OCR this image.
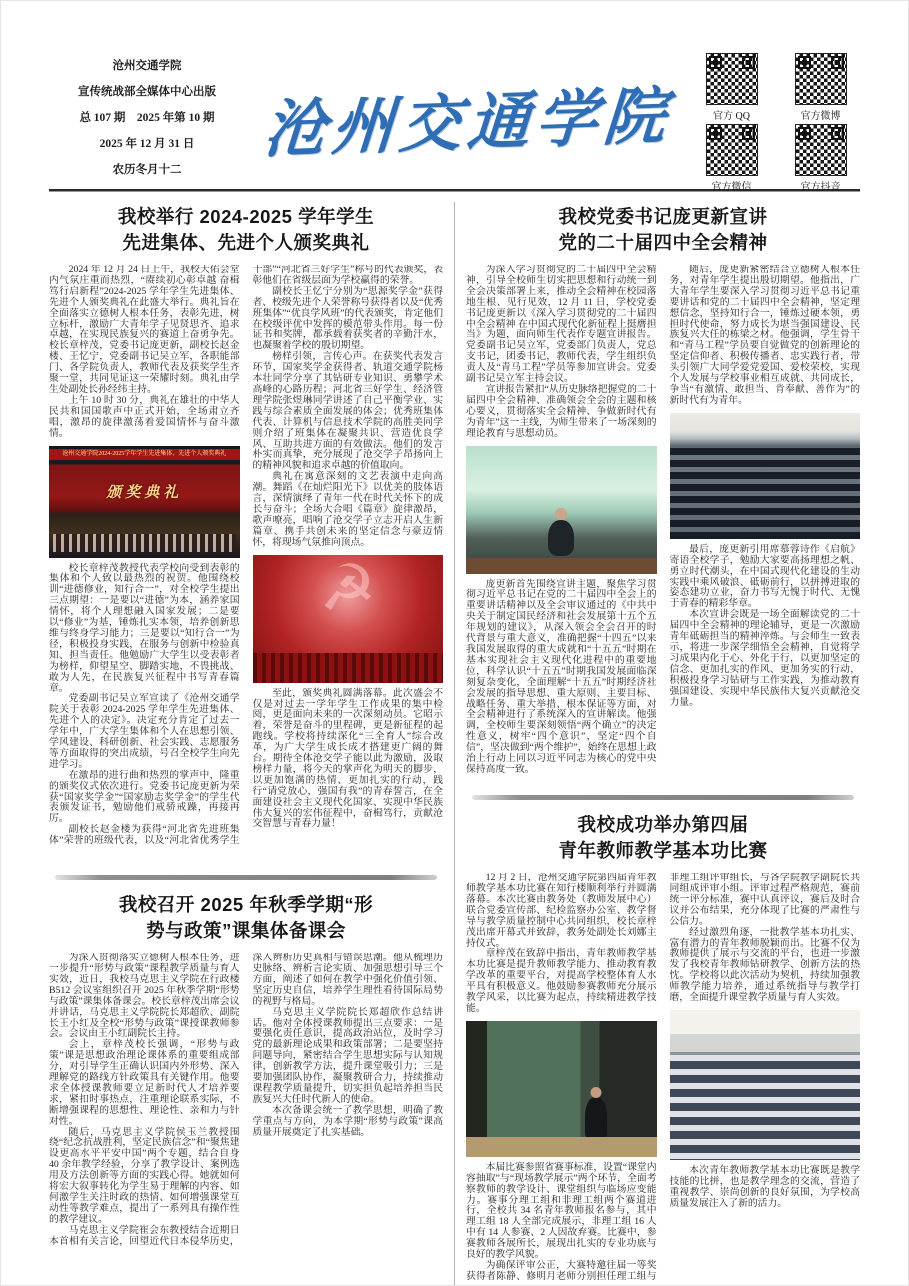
沧州交通学院
宣传统战部全媒体中心出版
总 107 期　2025 年第 10 期
2025 年 12 月 31 日
农历冬月十二
沧州交通学院	官方 QQ	官方微博
官方微信	官方抖音
我校举行 2024-2025 学年学生
先进集体、先进个人颁奖典礼

2024 年 12 月 24 日上午，我校天佑会堂内气氛庄重而热烈，“赓续初心彰卓越 奋楫笃行启新程”2024-2025 学年学生先进集体、先进个人颁奖典礼在此盛大举行。典礼旨在全面落实立德树人根本任务，表彰先进，树立标杆，激励广大青年学子见贤思齐、追求卓越，在实现民族复兴的赛道上奋勇争先。校长章梓茂，党委书记庞更新，副校长赵金楼、王忆宁，党委副书记吴立军，各职能部门、各学院负责人，教师代表及获奖学生齐聚一堂，共同见证这一荣耀时刻。典礼由学生处副处长孙经纬主持。

上午 10 时 30 分，典礼在雄壮的中华人民共和国国歌声中正式开始，全场肃立齐唱，激昂的旋律激荡着爱国情怀与奋斗激情。

沧州交通学院2024-2025学年学生先进集体、先进个人颁奖典礼
颁奖典礼

校长章梓茂教授代表学校向受到表彰的集体和个人致以最热烈的祝贺。他围绕校训“进德修业，知行合一”，对全校学生提出三点期望：一是要以“进德”为本，涵养家国情怀，将个人理想融入国家发展；二是要以“修业”为基，锤炼扎实本领，培养创新思维与终身学习能力；三是要以“知行合一”为径，积极投身实践，在服务与创新中检验真知、担当责任。他勉励广大学生以受表彰者为榜样，仰望星空、脚踏实地，不畏挑战、敢为人先，在民族复兴征程中书写青春篇章。

党委副书记吴立军宣读了《沧州交通学院关于表彰 2024-2025 学年学生先进集体、先进个人的决定》。决定充分肯定了过去一学年中，广大学生集体和个人在思想引领、学风建设、科研创新、社会实践、志愿服务等方面取得的突出成绩，号召全校学生向先进学习。

在激昂的进行曲和热烈的掌声中，隆重的颁奖仪式依次进行。党委书记庞更新为荣获“国家奖学金”“国家励志奖学金”的学生代表颁发证书，勉励他们戒骄戒躁，再接再厉。

副校长赵金楼为获得“河北省先进班集体”荣誉的班级代表，以及“河北省优秀学生干部”“河北省三好学生”称号的代表颁奖，表彰他们在省级层面为学校赢得的荣誉。

副校长王忆宁分别为“思源奖学金”获得者、校级先进个人荣誉称号获得者以及“优秀班集体”“优良学风班”的代表颁奖，肯定他们在校级评优中发挥的模范带头作用。每一份证书和奖牌，都承载着获奖者的辛勤汗水，也凝聚着学校的殷切期望。

榜样引领，言传心声。在获奖代表发言环节，国家奖学金获得者、轨道交通学院杨本壮同学分享了其钻研专业知识、勇攀学术高峰的心路历程；河北省三好学生、经济管理学院张煜琳同学讲述了自己平衡学业、实践与综合素质全面发展的体会；优秀班集体代表、计算机与信息技术学院的高胜美同学则介绍了班集体在凝聚共识、营造优良学风、互助共进方面的有效做法。他们的发言朴实而真挚，充分展现了沧交学子昂扬向上的精神风貌和追求卓越的价值取向。

典礼在寓意深刻的文艺表演中走向高潮。舞蹈《在灿烂阳光下》以优美的肢体语言，深情演绎了青年一代在时代关怀下的成长与奋斗；全场大合唱《篇章》旋律激昂，歌声嘹亮，唱响了沧交学子立志开启人生新篇章、携手共创未来的坚定信念与豪迈情怀，将现场气氛推向顶点。

☭

至此，颁奖典礼圆满落幕。此次盛会不仅是对过去一学年学生工作成果的集中检阅，更是面向未来的一次深刻动员。它昭示着，荣誉是奋斗的里程碑，更是新征程的起跑线。学校将持续深化“三全育人”综合改革，为广大学生成长成才搭建更广阔的舞台。期待全体沧交学子能以此为激励，汲取榜样力量，将今天的掌声化为明天的脚步，以更加饱满的热情、更加扎实的行动，践行“请党放心，强国有我”的青春誓言，在全面建设社会主义现代化国家、实现中华民族伟大复兴的宏伟征程中，奋楫笃行，贡献沧交智慧与青春力量！

我校召开 2025 年秋季学期“形
势与政策”课集体备课会

为深入贯彻落实立德树人根本任务，进一步提升“形势与政策”课程教学质量与育人实效，近日，我校马克思主义学院在行政楼 B512 会议室组织召开 2025 年秋季学期“形势与政策”课集体备课会。校长章梓茂出席会议并讲话，马克思主义学院院长郑超欣、副院长王小红及全校“形势与政策”课授课教师参会。会议由王小红副院长主持。

会上，章梓茂校长强调，“形势与政策”课是思想政治理论课体系的重要组成部分，对引导学生正确认识国内外形势、深入理解党的路线方针政策具有关键作用。他要求全体授课教师要立足新时代人才培养要求，紧扣时事热点，注重理论联系实际，不断增强课程的思想性、理论性、亲和力与针对性。

随后，马克思主义学院侯玉兰教授围绕“纪念抗战胜利，坚定民族信念”和“聚焦建设更高水平平安中国”两个专题，结合自身 40 余年教学经验，分享了教学设计、案例选用及方法创新等方面的实践心得。她就如何将宏大叙事转化为学生易于理解的内容、如何激学生关注时政的热情、如何增强课堂互动性等教学难点，提出了一系列具有操作性的教学建议。

马克思主义学院崔会东教授结合近期日本首相有关言论，回望近代日本侵华历史，深入辨析历史真相与错误思潮。他从梳理历史脉络、辨析言论实质、加强思想引导三个方面，阐述了如何在教学中强化价值引领、坚定历史自信，培养学生理性看待国际局势的视野与格局。

马克思主义学院院长郑超欣作总结讲话。他对全体授课教师提出三点要求：一是要强化责任意识，提高政治站位，及时学习党的最新理论成果和政策部署；二是要坚持问题导向，紧密结合学生思想实际与认知规律，创新教学方法，提升课堂吸引力；三是要加强团队协作，凝聚教研合力，持续推动课程教学质量提升，切实担负起培养担当民族复兴大任时代新人的使命。

本次备课会统一了教学思想，明确了教学重点与方向，为本学期“形势与政策”课高质量开展奠定了扎实基础。

我校党委书记庞更新宣讲
党的二十届四中全会精神

为深入学习贯彻党的二十届四中全会精神，引导全校师生切实把思想和行动统一到全会决策部署上来，推动全会精神在校园落地生根、见行见效，12 月 11 日，学校党委书记庞更新以《深入学习贯彻党的二十届四中全会精神 在中国式现代化新征程上挺膺担当》为题，面向师生代表作专题宣讲报告。党委副书记吴立军，党委部门负责人，党总支书记，团委书记，教师代表，学生组织负责人及“青马工程”学员等参加宣讲会。党委副书记吴立军主持会议。

宣讲报告紧扣“从历史脉络把握党的二十届四中全会精神、准确领会全会的主题和核心要义，贯彻落实全会精神、争做新时代有为青年”这一主线，为师生带来了一场深刻的理论教育与思想动员。

庞更新首先围绕宣讲主题，聚焦学习贯彻习近平总书记在党的二十届四中全会上的重要讲话精神以及全会审议通过的《中共中央关于制定国民经济和社会发展第十五个五年规划的建议》，从深入领会全会召开的时代背景与重大意义，准确把握“十四五”以来我国发展取得的重大成就和“十五五”时期在基本实现社会主义现代化进程中的重要地位，科学认识“十五五”时期我国发展面临深刻复杂变化，全面理解“十五五”时期经济社会发展的指导思想、重大原则、主要目标、战略任务、重大举措、根本保证等方面，对全会精神进行了系统深入的宣讲解读。他强调，全校师生要深刻领悟“两个确立”的决定性意义，树牢“四个意识”，坚定“四个自信”，坚决做到“两个维护”，始终在思想上政治上行动上同以习近平同志为核心的党中央保持高度一致。

随后，庞更新紧密结合立德树人根本任务，对青年学生提出殷切期望。他指出，广大青年学生要深入学习贯彻习近平总书记重要讲话和党的二十届四中全会精神，坚定理想信念，坚持知行合一，锤炼过硬本领，勇担时代使命，努力成长为堪当强国建设、民族复兴大任的栋梁之材。他强调，学生骨干和“青马工程”学员要自觉做党的创新理论的坚定信仰者、积极传播者、忠实践行者，带头引领广大同学爱党爱国、爱校荣校，实现个人发展与学校事业相互成就、共同成长，争当“有激情、敢担当、肯奉献、善作为”的新时代有为青年。

最后，庞更新引用席慕蓉诗作《启航》寄语全校学子，勉励大家要高扬理想之帆、勇立时代潮头，在中国式现代化建设的生动实践中乘风破浪、砥砺前行，以拼搏进取的姿态建功立业，奋力书写无愧于时代、无愧于青春的精彩华章。

本次宣讲会既是一场全面解读党的二十届四中全会精神的理论辅导，更是一次激励青年砥砺担当的精神淬炼。与会师生一致表示，将进一步深学细悟全会精神，自觉将学习成果内化于心、外化于行，以更加坚定的信念、更加扎实的作风、更加务实的行动，积极投身学习钻研与工作实践，为推动教育强国建设、实现中华民族伟大复兴贡献沧交力量。

我校成功举办第四届
青年教师教学基本功比赛

12 月 2 日，沧州交通学院第四届青年教师教学基本功比赛在知行楼顺利举行并圆满落幕。本次比赛由教务处（教师发展中心）联合党委宣传部、纪检监察办公室、教学督导与教学质量控制中心共同组织，校长章梓茂出席开幕式并致辞，教务处副处长刘娜主持仪式。

章梓茂在致辞中指出，青年教师教学基本功比赛是提升教师教学能力、推动教育教学改革的重要平台，对提高学校整体育人水平具有积极意义。他鼓励参赛教师充分展示教学风采，以比赛为起点，持续精进教学技能。

本届比赛参照省赛事标准，设置“课堂内容抽取”与“现场教学展示”两个环节，全面考察教师的教学设计、课堂组织与临场应变能力。赛事分理工组和非理工组两个赛道进行，全校共 34 名青年教师报名参与，其中理工组 18 人全部完成展示，非理工组 16 人中有 14 人参赛、2 人因故弃赛。比赛中，参赛教师各展所长，展现出扎实的专业功底与良好的教学风貌。

为确保评审公正，大赛特邀往届一等奖获得者陈静、修明月老师分别担任理工组与非理工组评审组长，与各学院教学副院长共同组成评审小组。评审过程严格规范，赛前统一评分标准，赛中认真评议，赛后及时合议并公布结果，充分体现了比赛的严肃性与公信力。

经过激烈角逐，一批教学基本功扎实、富有潜力的青年教师脱颖而出。比赛不仅为教师提供了展示与交流的平台，也进一步激发了我校青年教师钻研教学、创新方法的热忱。学校将以此次活动为契机，持续加强教师教学能力培养，通过系统指导与教学打磨，全面提升课堂教学质量与育人实效。

本次青年教师教学基本功比赛既是教学技能的比拼，也是教学理念的交流，营造了重视教学、崇尚创新的良好氛围，为学校高质量发展注入了新的活力。
